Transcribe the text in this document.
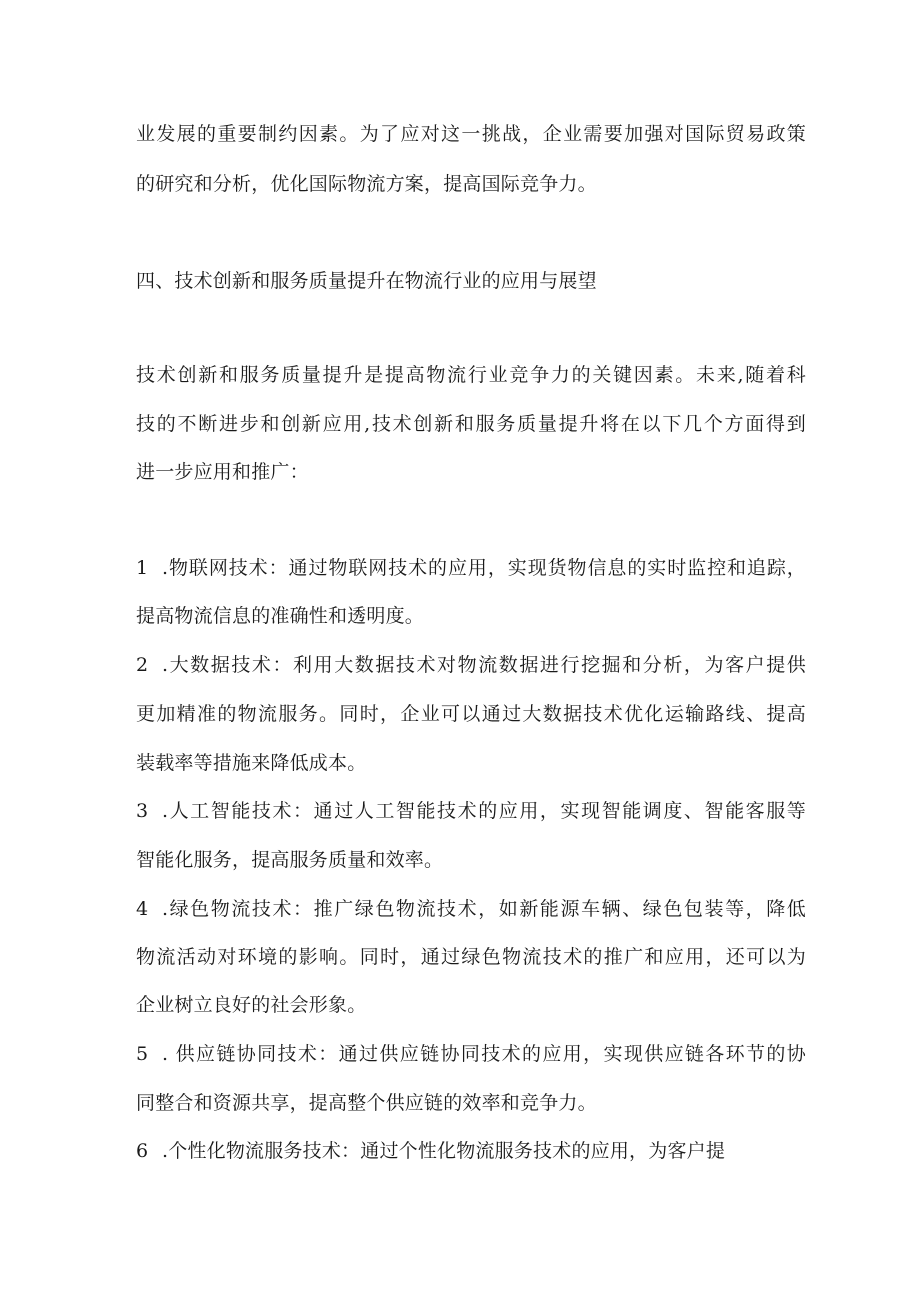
业发展的重要制约因素。为了应对这一挑战，企业需要加强对国际贸易政策
的研究和分析，优化国际物流方案，提高国际竞争力。
四、技术创新和服务质量提升在物流行业的应用与展望
技术创新和服务质量提升是提高物流行业竞争力的关键因素。未来,随着科
技的不断进步和创新应用,技术创新和服务质量提升将在以下几个方面得到
进一步应用和推广：
1 .物联网技术：通过物联网技术的应用，实现货物信息的实时监控和追踪，
提高物流信息的准确性和透明度。
2 .大数据技术：利用大数据技术对物流数据进行挖掘和分析，为客户提供
更加精准的物流服务。同时，企业可以通过大数据技术优化运输路线、提高
装载率等措施来降低成本。
3 .人工智能技术：通过人工智能技术的应用，实现智能调度、智能客服等
智能化服务，提高服务质量和效率。
4 .绿色物流技术：推广绿色物流技术，如新能源车辆、绿色包装等，降低
物流活动对环境的影响。同时，通过绿色物流技术的推广和应用，还可以为
企业树立良好的社会形象。
5 . 供应链协同技术：通过供应链协同技术的应用，实现供应链各环节的协
同整合和资源共享，提高整个供应链的效率和竞争力。
6 .个性化物流服务技术：通过个性化物流服务技术的应用，为客户提
